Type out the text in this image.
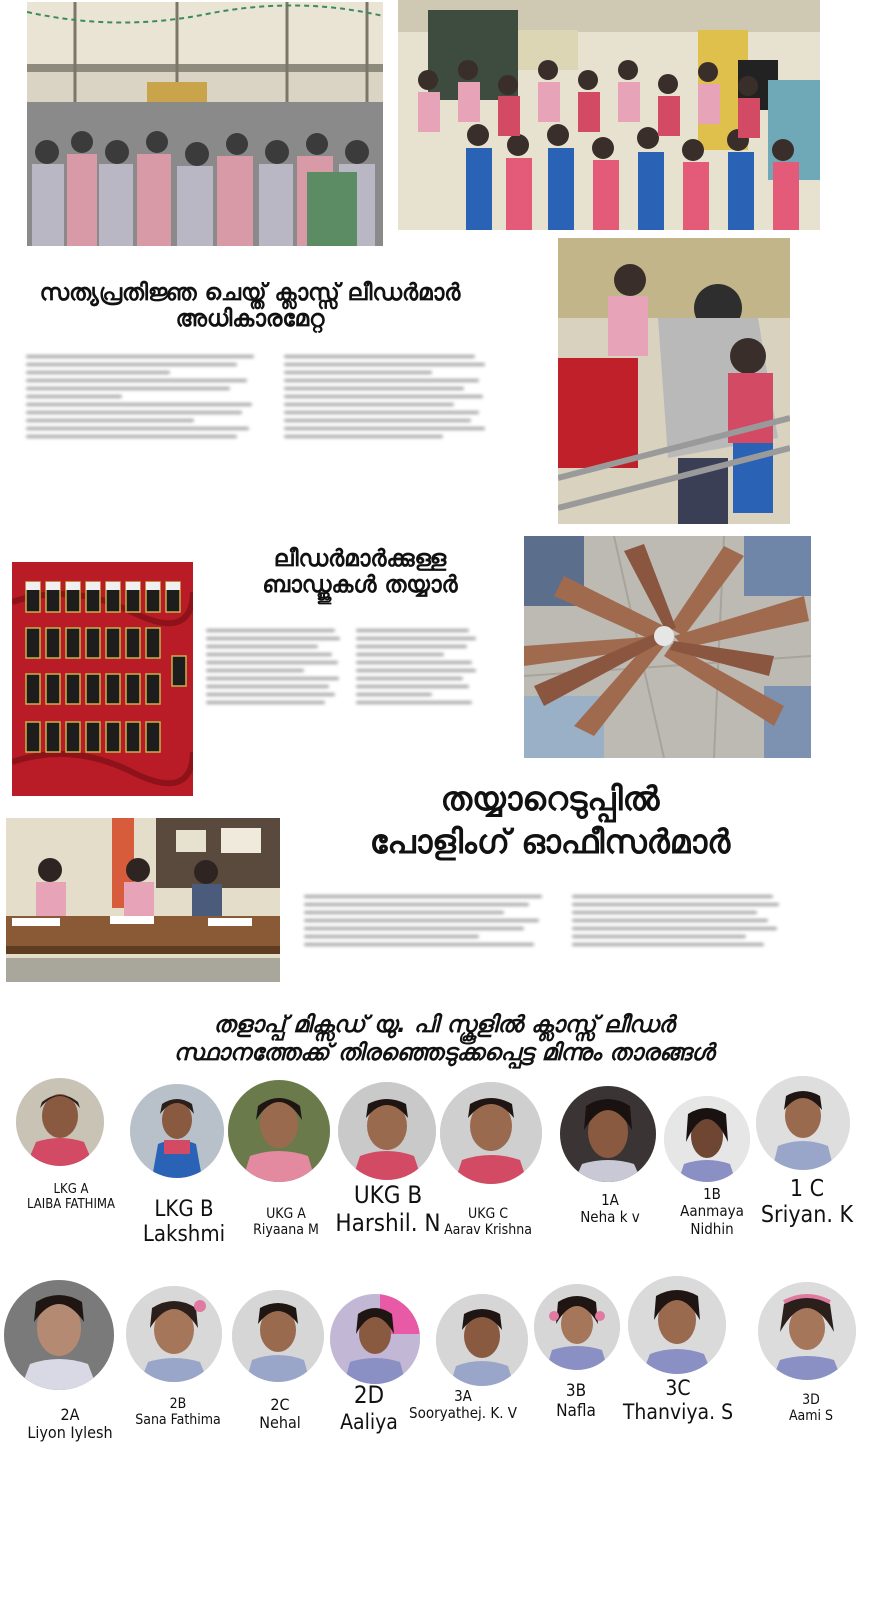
സത്യപ്രതിജ്ഞ ചെയ്ത് ക്ലാസ്സ് ലീഡർമാർ
അധികാരമേറ്റ
ലീഡർമാർക്കുള്ള
ബാഡ്ജുകൾ തയ്യാർ
തയ്യാറെടുപ്പിൽ
പോളിംഗ് ഓഫീസർമാർ
തളാപ്പ് മിക്സഡ് യു. പി സ്കൂളിൽ ക്ലാസ്സ് ലീഡർ
സ്ഥാനത്തേക്ക് തിരഞ്ഞെടുക്കപ്പെട്ട മിന്നും താരങ്ങൾ
LKG A
LAIBA FATHIMA	LKG B
Lakshmi
UKG A
Riyaana M
UKG B
Harshil. N	UKG C
Aarav Krishna
1A
Neha k v
1B
Aanmaya Nidhin
1 C
Sriyan. K
2A
Liyon Iylesh
2B
Sana Fathima
2C
Nehal
2D
Aaliya
3A
Sooryathej. K. V
3B
Nafla
3C
Thanviya. S
3D
Aami S
